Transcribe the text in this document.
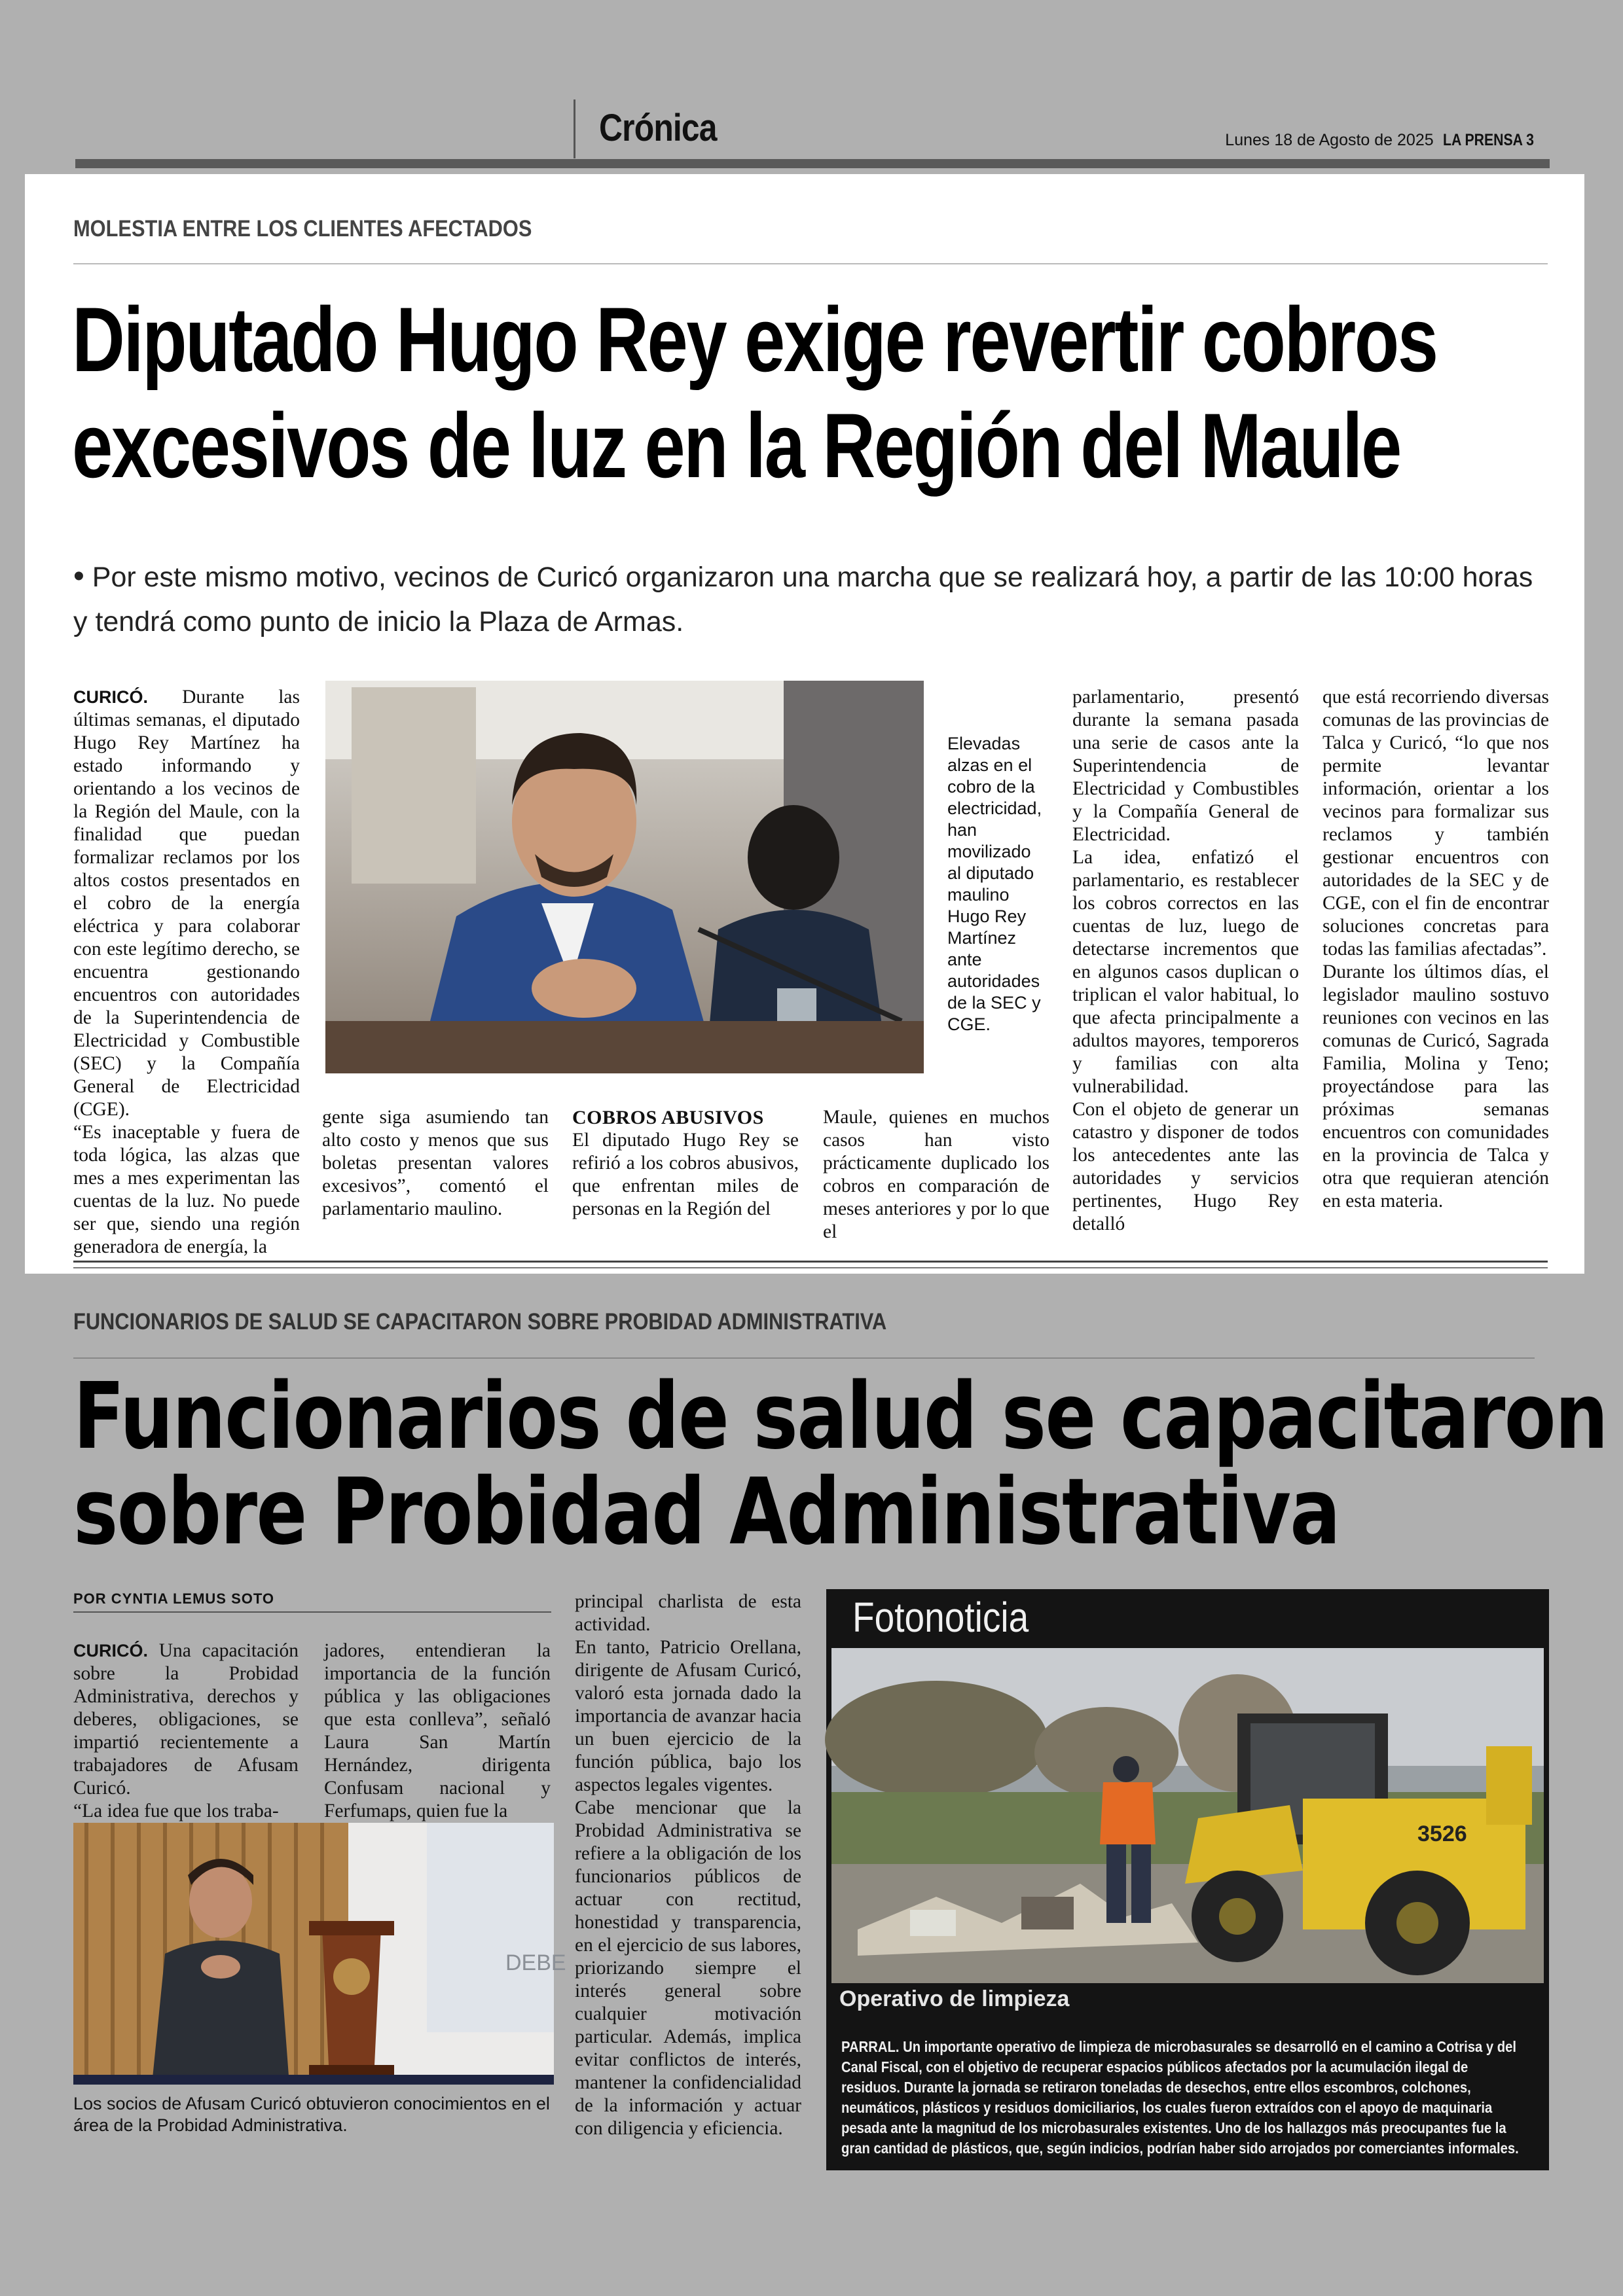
Crónica	Lunes 18 de Agosto de 2025 LA PRENSA 3
MOLESTIA ENTRE LOS CLIENTES AFECTADOS
Diputado Hugo Rey exige revertir cobros
excesivos de luz en la Región del Maule
• Por este mismo motivo, vecinos de Curicó organizaron una marcha que se realizará hoy, a partir de las 10:00 horas y tendrá como punto de inicio la Plaza de Armas.

CURICÓ. Durante las últimas semanas, el diputado Hugo Rey Martínez ha estado informando y orientando a los vecinos de la Región del Maule, con la finalidad que puedan formalizar reclamos por los altos costos presentados en el cobro de la energía eléctrica y para colaborar con este legítimo derecho, se encuentra gestionando encuentros con autoridades de la Superintendencia de Electricidad y Combustible (SEC) y la Compañía General de Electricidad (CGE).

“Es inaceptable y fuera de toda lógica, las alzas que mes a mes experimentan las cuentas de la luz. No puede ser que, siendo una región generadora de energía, la

Elevadas alzas en el cobro de la electricidad, han movilizado al diputado maulino Hugo Rey Martínez ante autoridades de la SEC y CGE.

gente siga asumiendo tan alto costo y menos que sus boletas presentan valores excesivos”, comentó el parlamentario maulino.

COBROS ABUSIVOS

El diputado Hugo Rey se refirió a los cobros abusivos, que enfrentan miles de personas en la Región del

Maule, quienes en muchos casos han visto prácticamente duplicado los cobros en comparación de meses anteriores y por lo que el

parlamentario, presentó durante la semana pasada una serie de casos ante la Superintendencia de Electricidad y Combustibles y la Compañía General de Electricidad.

La idea, enfatizó el parlamentario, es restablecer los cobros correctos en las cuentas de luz, luego de detectarse incrementos que en algunos casos duplican o triplican el valor habitual, lo que afecta principalmente a adultos mayores, temporeros y familias con alta vulnerabilidad.

Con el objeto de generar un catastro y disponer de todos los antecedentes ante las autoridades y servicios pertinentes, Hugo Rey detalló

que está recorriendo diversas comunas de las provincias de Talca y Curicó, “lo que nos permite levantar información, orientar a los vecinos para formalizar sus reclamos y también gestionar encuentros con autoridades de la SEC y de CGE, con el fin de encontrar soluciones concretas para todas las familias afectadas”.

Durante los últimos días, el legislador maulino sostuvo reuniones con vecinos en las comunas de Curicó, Sagrada Familia, Molina y Teno; proyectándose para las próximas semanas encuentros con comunidades en la provincia de Talca y otra que requieran atención en esta materia.

FUNCIONARIOS DE SALUD SE CAPACITARON SOBRE PROBIDAD ADMINISTRATIVA
Funcionarios de salud se capacitaron
sobre Probidad Administrativa
POR CYNTIA LEMUS SOTO

CURICÓ. Una capacitación sobre la Probidad Administrativa, derechos y deberes, obligaciones, se impartió recientemente a trabajadores de Afusam Curicó.

“La idea fue que los traba-

jadores, entendieran la importancia de la función pública y las obligaciones que esta conlleva”, señaló Laura San Martín Hernández, dirigenta Confusam nacional y Ferfumaps, quien fue la

DEBE
Los socios de Afusam Curicó obtuvieron conocimientos en el área de la Probidad Administrativa.

principal charlista de esta actividad.

En tanto, Patricio Orellana, dirigente de Afusam Curicó, valoró esta jornada dado la importancia de avanzar hacia un buen ejercicio de la función pública, bajo los aspectos legales vigentes.

Cabe mencionar que la Probidad Administrativa se refiere a la obligación de los funcionarios públicos de actuar con rectitud, honestidad y transparencia, en el ejercicio de sus labores, priorizando siempre el interés general sobre cualquier motivación particular. Además, implica evitar conflictos de interés, mantener la confidencialidad de la información y actuar con diligencia y eficiencia.

Fotonoticia
3526
Operativo de limpieza
PARRAL. Un importante operativo de limpieza de microbasurales se desarrolló en el camino a Cotrisa y del Canal Fiscal, con el objetivo de recuperar espacios públicos afectados por la acumulación ilegal de residuos. Durante la jornada se retiraron toneladas de desechos, entre ellos escombros, colchones, neumáticos, plásticos y residuos domiciliarios, los cuales fueron extraídos con el apoyo de maquinaria pesada ante la magnitud de los microbasurales existentes. Uno de los hallazgos más preocupantes fue la gran cantidad de plásticos, que, según indicios, podrían haber sido arrojados por comerciantes informales.
